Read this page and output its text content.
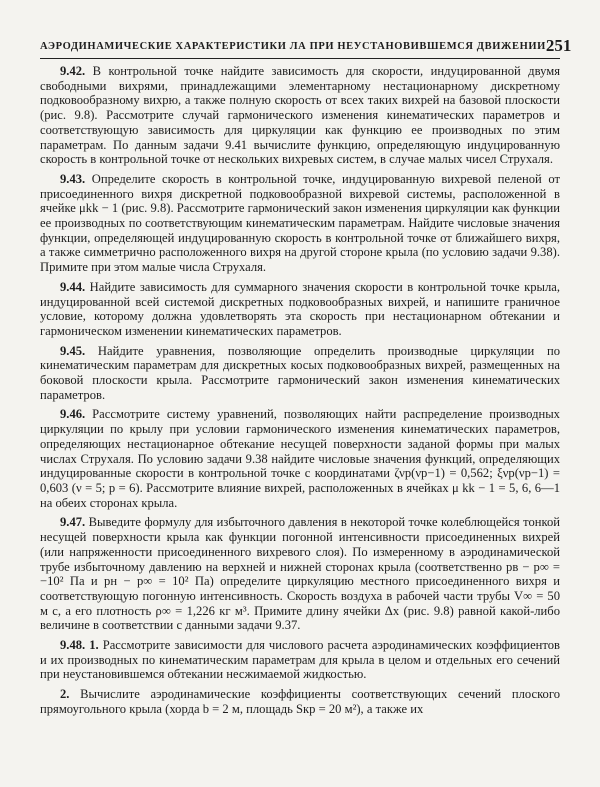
АЭРОДИНАМИЧЕСКИЕ ХАРАКТЕРИСТИКИ ЛА ПРИ НЕУСТАНОВИВШЕМСЯ ДВИЖЕНИИ 251

9.42. В контрольной точке найдите зависимость для скорости, индуцированной двумя свободными вихрями, принадлежащими элементарному нестационарному дискретному подковообразному вихрю, а также полную скорость от всех таких вихрей на базовой плоскости (рис. 9.8). Рассмотрите случай гармонического изменения кинематических параметров и соответствующую зависимость для циркуляции как функцию ее производных по этим параметрам. По данным задачи 9.41 вычислите функцию, определяющую индуцированную скорость в контрольной точке от нескольких вихревых систем, в случае малых чисел Струхаля.

9.43. Определите скорость в контрольной точке, индуцированную вихревой пеленой от присоединенного вихря дискретной подковообразной вихревой системы, расположенной в ячейке μkk − 1 (рис. 9.8). Рассмотрите гармонический закон изменения циркуляции как функции ее производных по соответствующим кинематическим параметрам. Найдите числовые значения функции, определяющей индуцированную скорость в контрольной точке от ближайшего вихря, а также симметрично расположенного вихря на другой стороне крыла (по условию задачи 9.38). Примите при этом малые числа Струхаля.

9.44. Найдите зависимость для суммарного значения скорости в контрольной точке крыла, индуцированной всей системой дискретных подковообразных вихрей, и напишите граничное условие, которому должна удовлетворять эта скорость при нестационарном обтекании и гармоническом изменении кинематических параметров.

9.45. Найдите уравнения, позволяющие определить производные циркуляции по кинематическим параметрам для дискретных косых подковообразных вихрей, размещенных на боковой плоскости крыла. Рассмотрите гармонический закон изменения кинематических параметров.

9.46. Рассмотрите систему уравнений, позволяющих найти распределение производных циркуляции по крылу при условии гармонического изменения кинематических параметров, определяющих нестационарное обтекание несущей поверхности заданой формы при малых числах Струхаля. По условию задачи 9.38 найдите числовые значения функций, определяющих индуцированные скорости в контрольной точке с координатами ζνp(νp−1) = 0,562; ξνp(νp−1) = 0,603 (ν = 5; p = 6). Рассмотрите влияние вихрей, расположенных в ячейках μ kk − 1 = 5, 6, 6—1 на обеих сторонах крыла.

9.47. Выведите формулу для избыточного давления в некоторой точке колеблющейся тонкой несущей поверхности крыла как функции погонной интенсивности присоединенных вихрей (или напряженности присоединенного вихревого слоя). По измеренному в аэродинамической трубе избыточному давлению на верхней и нижней сторонах крыла (соответственно pв − p∞ = −10² Па и pн − p∞ = 10² Па) определите циркуляцию местного присоединенного вихря и соответствующую погонную интенсивность. Скорость воздуха в рабочей части трубы V∞ = 50 м с, а его плотность ρ∞ = 1,226 кг м³. Примите длину ячейки Δx (рис. 9.8) равной какой-либо величине в соответствии с данными задачи 9.37.

9.48. 1. Рассмотрите зависимости для числового расчета аэродинамических коэффициентов и их производных по кинематическим параметрам для крыла в целом и отдельных его сечений при неустановившемся обтекании несжимаемой жидкостью.

2. Вычислите аэродинамические коэффициенты соответствующих сечений плоского прямоугольного крыла (хорда b = 2 м, площадь Sкр = 20 м²), а также их
